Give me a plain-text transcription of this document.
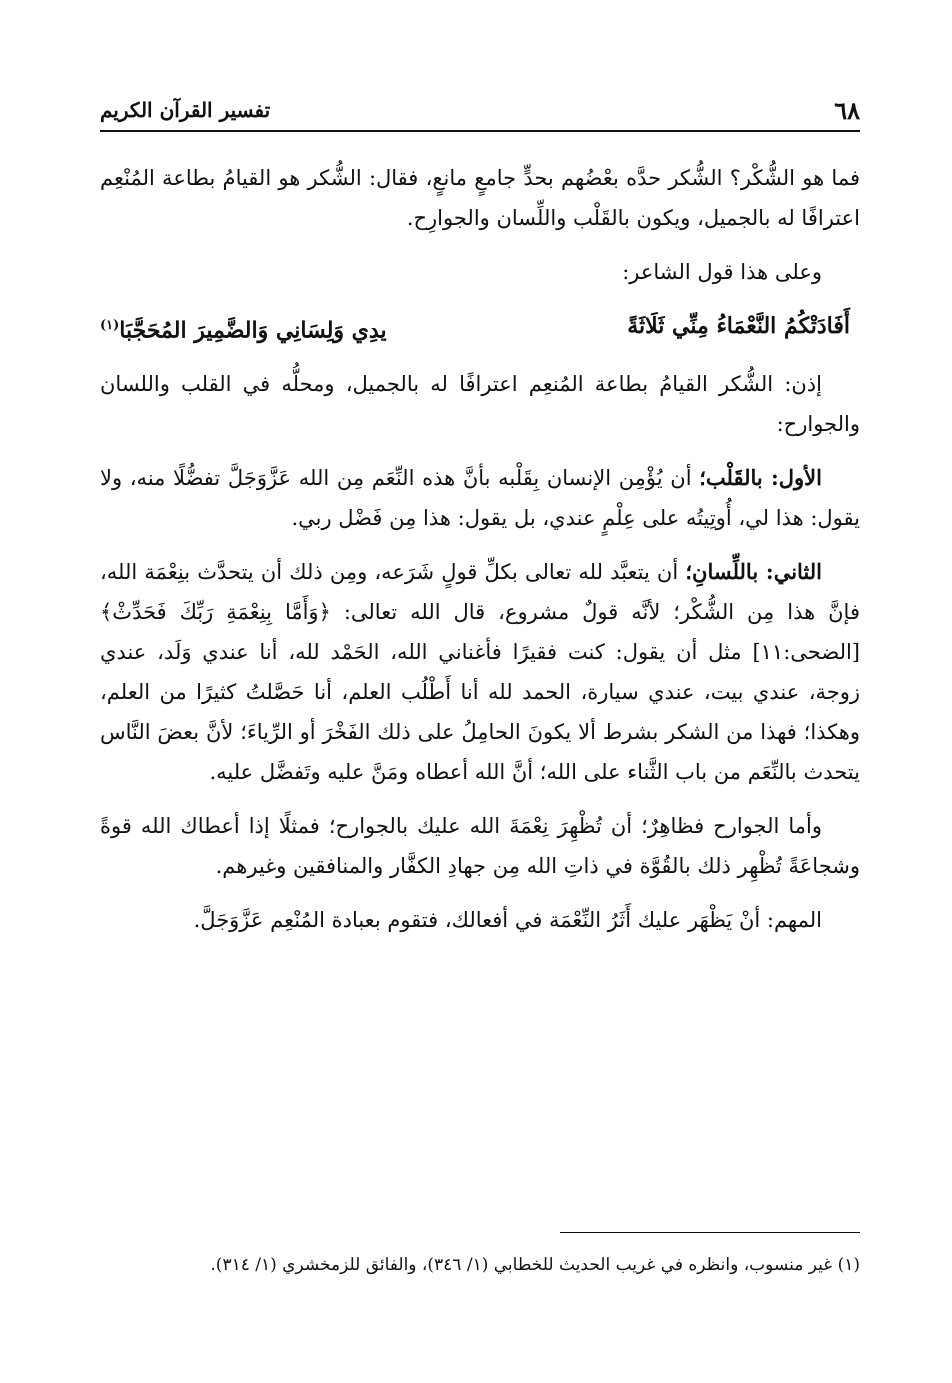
٦٨
تفسير القرآن الكريم

فما هو الشُّكْر؟ الشُّكر حدَّه بعْضُهم بحدٍّ جامعٍ مانعٍ، فقال: الشُّكر هو القيامُ بطاعة المُنْعِم اعترافًا له بالجميل، ويكون بالقَلْب واللِّسان والجوارِح.

وعلى هذا قول الشاعر:

أَفَادَتْكُمُ النَّعْمَاءُ مِنِّي ثَلَاثَةً
يدِي وَلِسَانِي وَالضَّمِيرَ المُحَجَّبَا$^{(١)}$

إذن: الشُّكر القيامُ بطاعة المُنعِم اعترافًا له بالجميل، ومحلُّه في القلب واللسان والجوارح:

الأول: بالقَلْب؛ أن يُؤْمِن الإنسان بِقَلْبه بأنَّ هذه النِّعَم مِن الله عَزَّوَجَلَّ تفضُّلًا منه، ولا يقول: هذا لي، أُوتِيتُه على عِلْمٍ عندي، بل يقول: هذا مِن فَضْل ربي.

الثاني: باللِّسانِ؛ أن يتعبَّد لله تعالى بكلِّ قولٍ شَرَعه، ومِن ذلك أن يتحدَّث بنِعْمَة الله، فإنَّ هذا مِن الشُّكْر؛ لأنَّه قولٌ مشروع، قال الله تعالى: ﴿وَأَمَّا بِنِعْمَةِ رَبِّكَ فَحَدِّثْ﴾ [الضحى:١١] مثل أن يقول: كنت فقيرًا فأغناني الله، الحَمْد لله، أنا عندي وَلَد، عندي زوجة، عندي بيت، عندي سيارة، الحمد لله أنا أَطْلُب العلم، أنا حَصَّلتُ كثيرًا من العلم، وهكذا؛ فهذا من الشكر بشرط ألا يكونَ الحامِلُ على ذلك الفَخْرَ أو الرِّياءَ؛ لأنَّ بعضَ النَّاس يتحدث بالنِّعَم من باب الثَّناء على الله؛ أنَّ الله أعطاه ومَنَّ عليه وتَفضَّل عليه.

وأما الجوارح فظاهِرٌ؛ أن تُظْهِرَ نِعْمَةَ الله عليك بالجوارح؛ فمثلًا إذا أعطاك الله قوةً وشجاعَةً تُظْهِر ذلك بالقُوَّة في ذاتِ الله مِن جهادِ الكفَّار والمنافقين وغيرهم.

المهم: أنْ يَظْهَر عليك أَثَرُ النِّعْمَة في أفعالك، فتقوم بعبادة المُنْعِم عَزَّوَجَلَّ.

(١) غير منسوب، وانظره في غريب الحديث للخطابي (١/ ٣٤٦)، والفائق للزمخشري (١/ ٣١٤).
